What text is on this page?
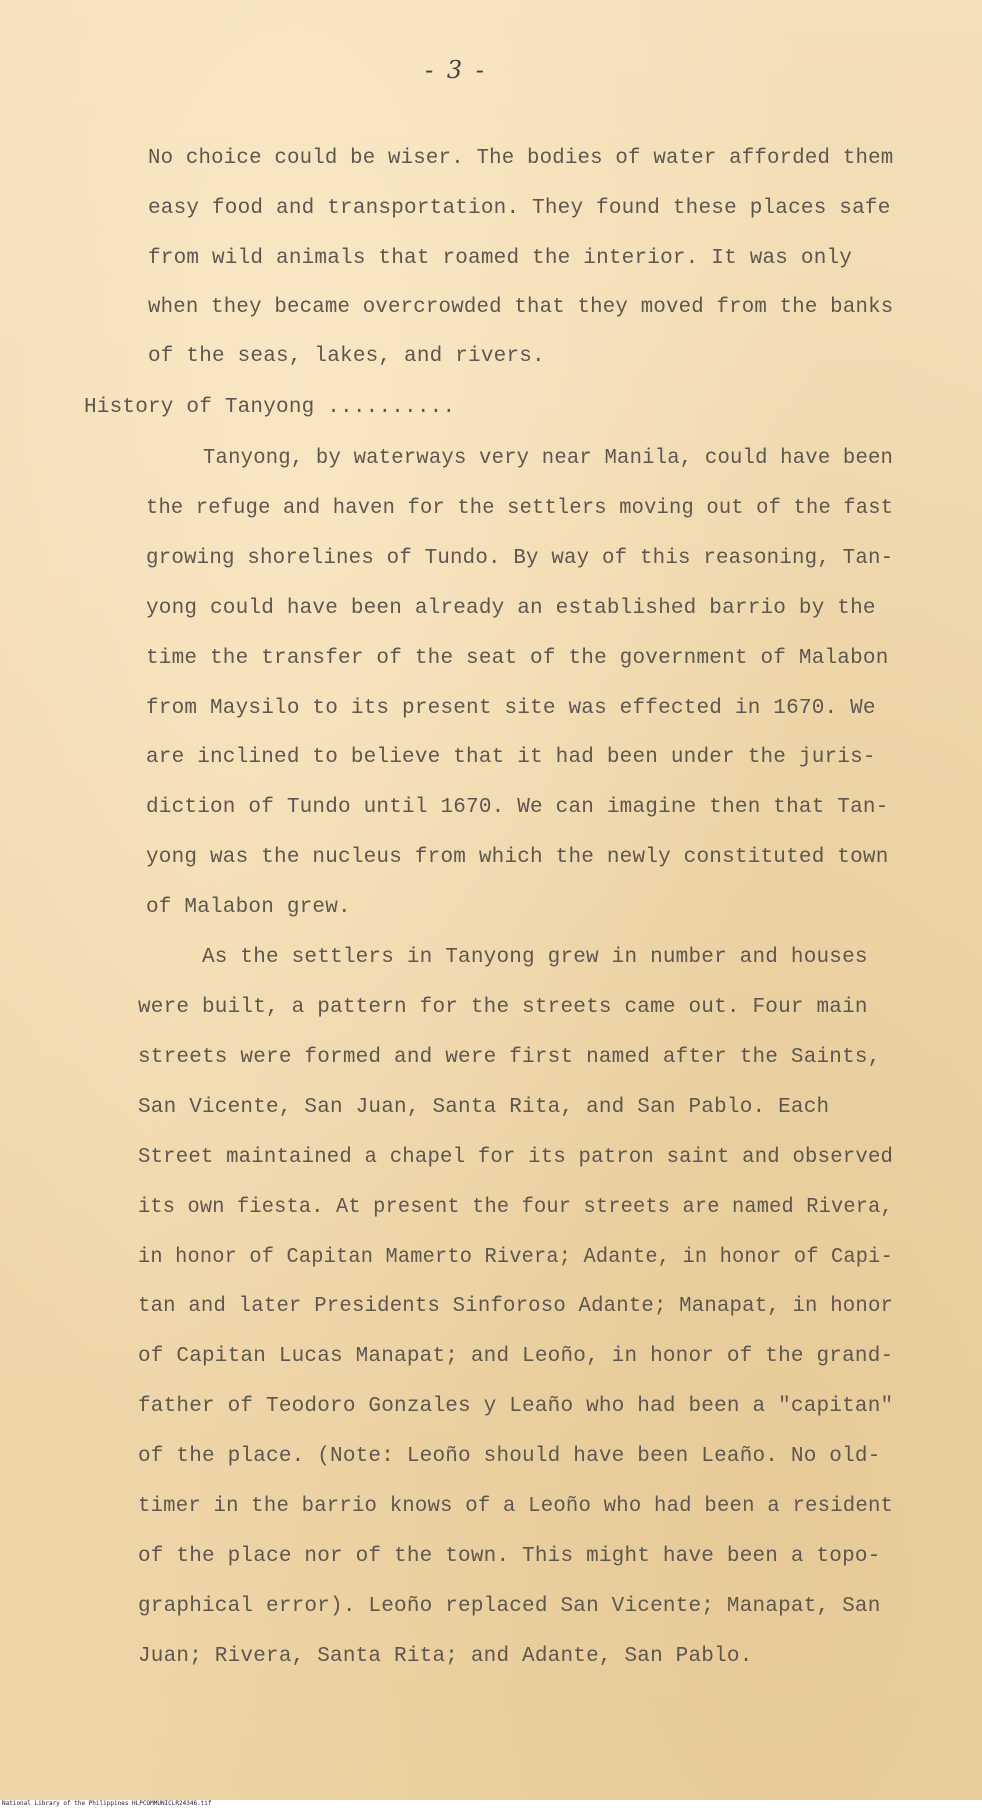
- 3 -
No choice could be wiser. The bodies of water afforded them
easy food and transportation. They found these places safe
from wild animals that roamed the interior. It was only
when they became overcrowded that they moved from the banks
of the seas, lakes, and rivers.
History of Tanyong ..........
Tanyong, by waterways very near Manila, could have been
the refuge and haven for the settlers moving out of the fast
growing shorelines of Tundo. By way of this reasoning, Tan-
yong could have been already an established barrio by the
time the transfer of the seat of the government of Malabon
from Maysilo to its present site was effected in 1670. We
are inclined to believe that it had been under the juris-
diction of Tundo until 1670. We can imagine then that Tan-
yong was the nucleus from which the newly constituted town
of Malabon grew.
As the settlers in Tanyong grew in number and houses
were built, a pattern for the streets came out. Four main
streets were formed and were first named after the Saints,
San Vicente, San Juan, Santa Rita, and San Pablo. Each
Street maintained a chapel for its patron saint and observed
its own fiesta. At present the four streets are named Rivera,
in honor of Capitan Mamerto Rivera; Adante, in honor of Capi-
tan and later Presidents Sinforoso Adante; Manapat, in honor
of Capitan Lucas Manapat; and Leoño, in honor of the grand-
father of Teodoro Gonzales y Leaño who had been a "capitan"
of the place. (Note: Leoño should have been Leaño. No old-
timer in the barrio knows of a Leoño who had been a resident
of the place nor of the town. This might have been a topo-
graphical error). Leoño replaced San Vicente; Manapat, San
Juan; Rivera, Santa Rita; and Adante, San Pablo.
National Library of the Philippines HLPCOMMUNICLR24346.tif
